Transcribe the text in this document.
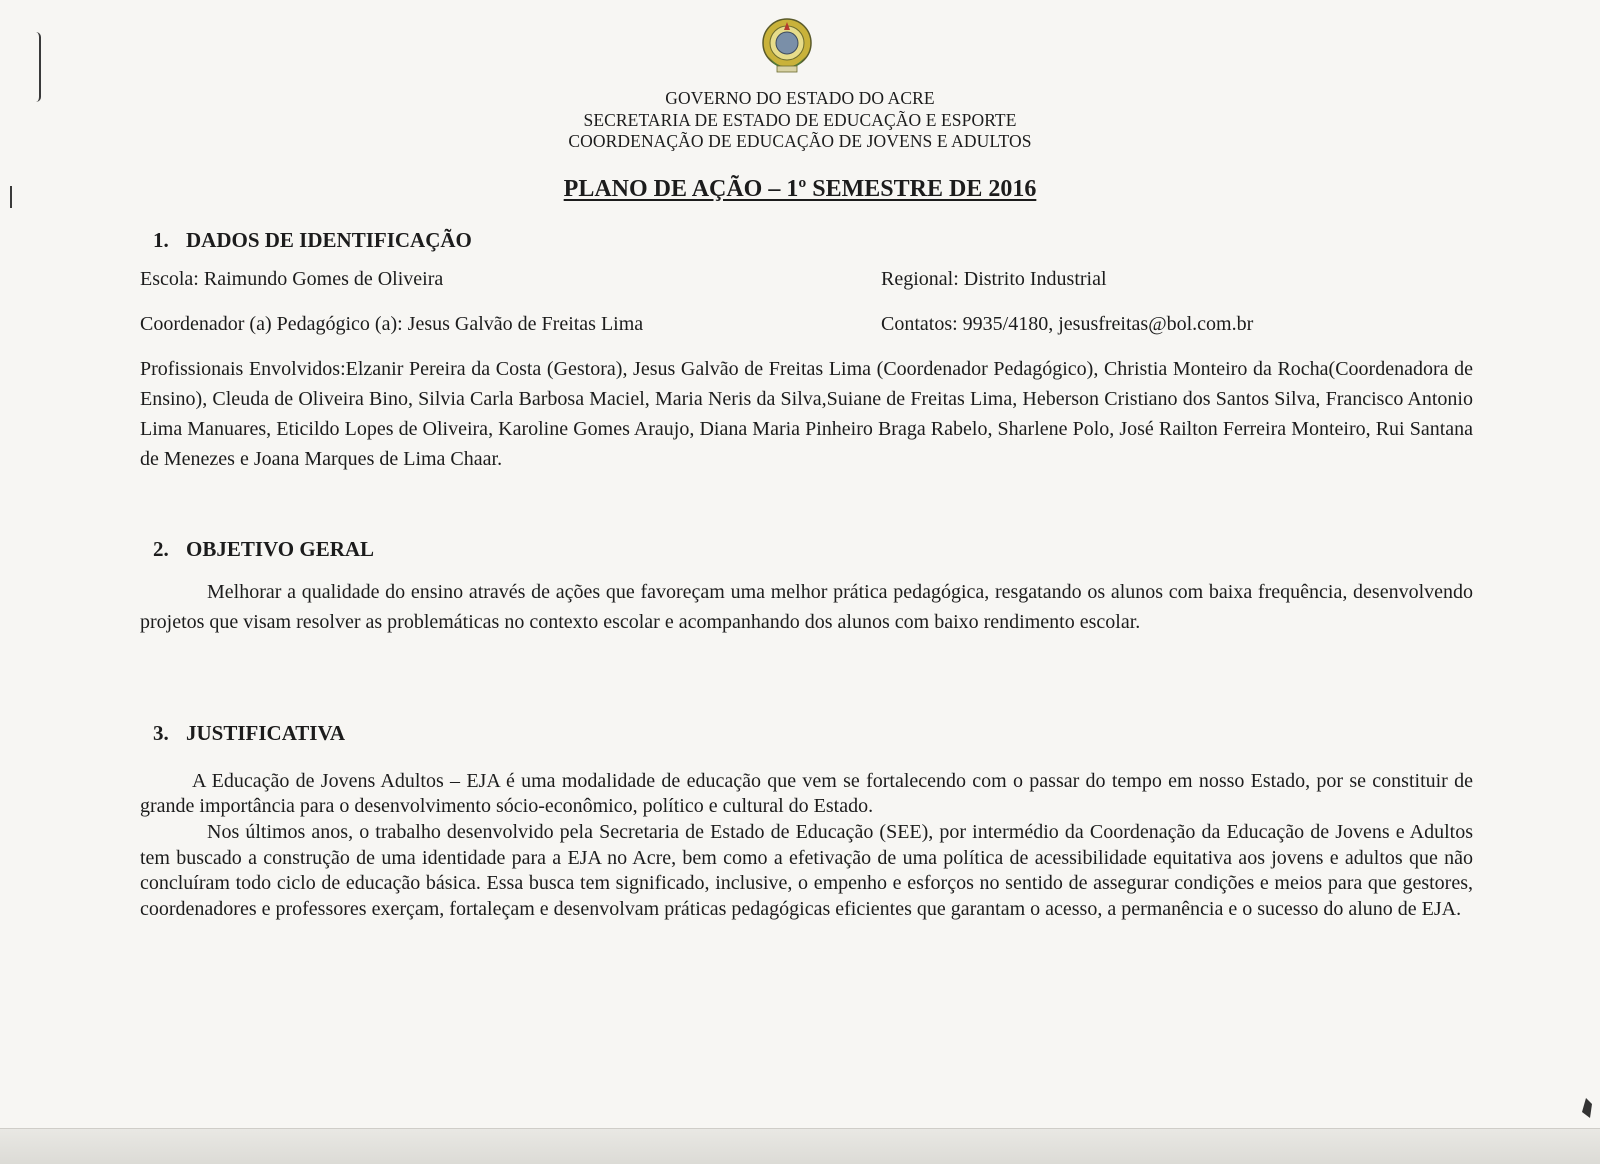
GOVERNO DO ESTADO DO ACRE
SECRETARIA DE ESTADO DE EDUCAÇÃO E ESPORTE
COORDENAÇÃO DE EDUCAÇÃO DE JOVENS E ADULTOS
PLANO DE AÇÃO – 1º SEMESTRE DE 2016
1. DADOS DE IDENTIFICAÇÃO
Escola: Raimundo Gomes de Oliveira	Regional: Distrito Industrial
Coordenador (a) Pedagógico (a): Jesus Galvão de Freitas Lima	Contatos: 9935/4180, jesusfreitas@bol.com.br
Profissionais Envolvidos:Elzanir Pereira da Costa (Gestora), Jesus Galvão de Freitas Lima (Coordenador Pedagógico), Christia Monteiro da Rocha(Coordenadora de Ensino), Cleuda de Oliveira Bino, Silvia Carla Barbosa Maciel, Maria Neris da Silva,Suiane de Freitas Lima, Heberson Cristiano dos Santos Silva, Francisco Antonio Lima Manuares, Eticildo Lopes de Oliveira, Karoline Gomes Araujo, Diana Maria Pinheiro Braga Rabelo, Sharlene Polo, José Railton Ferreira Monteiro, Rui Santana de Menezes e Joana Marques de Lima Chaar.
2. OBJETIVO GERAL
Melhorar a qualidade do ensino através de ações que favoreçam uma melhor prática pedagógica, resgatando os alunos com baixa frequência, desenvolvendo projetos que visam resolver as problemáticas no contexto escolar e acompanhando dos alunos com baixo rendimento escolar.
3. JUSTIFICATIVA
A Educação de Jovens Adultos – EJA é uma modalidade de educação que vem se fortalecendo com o passar do tempo em nosso Estado, por se constituir de grande importância para o desenvolvimento sócio-econômico, político e cultural do Estado.
Nos últimos anos, o trabalho desenvolvido pela Secretaria de Estado de Educação (SEE), por intermédio da Coordenação da Educação de Jovens e Adultos tem buscado a construção de uma identidade para a EJA no Acre, bem como a efetivação de uma política de acessibilidade equitativa aos jovens e adultos que não concluíram todo ciclo de educação básica. Essa busca tem significado, inclusive, o empenho e esforços no sentido de assegurar condições e meios para que gestores, coordenadores e professores exerçam, fortaleçam e desenvolvam práticas pedagógicas eficientes que garantam o acesso, a permanência e o sucesso do aluno de EJA.
